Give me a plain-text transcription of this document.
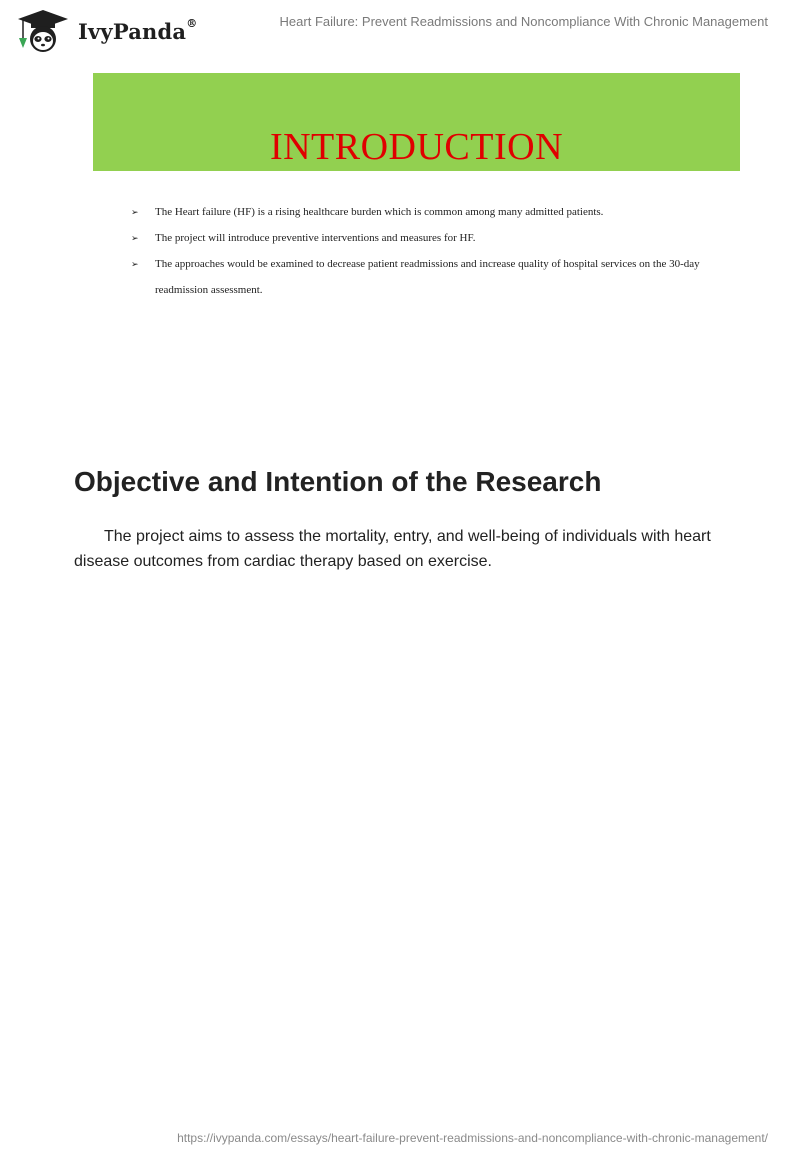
IvyPanda®	Heart Failure: Prevent Readmissions and Noncompliance With Chronic Management
INTRODUCTION
➢ The Heart failure (HF) is a rising healthcare burden which is common among many admitted patients.
➢ The project will introduce preventive interventions and measures for HF.
➢ The approaches would be examined to decrease patient readmissions and increase quality of hospital services on the 30-day readmission assessment.
Objective and Intention of the Research

The project aims to assess the mortality, entry, and well-being of individuals with heart disease outcomes from cardiac therapy based on exercise.

https://ivypanda.com/essays/heart-failure-prevent-readmissions-and-noncompliance-with-chronic-management/
